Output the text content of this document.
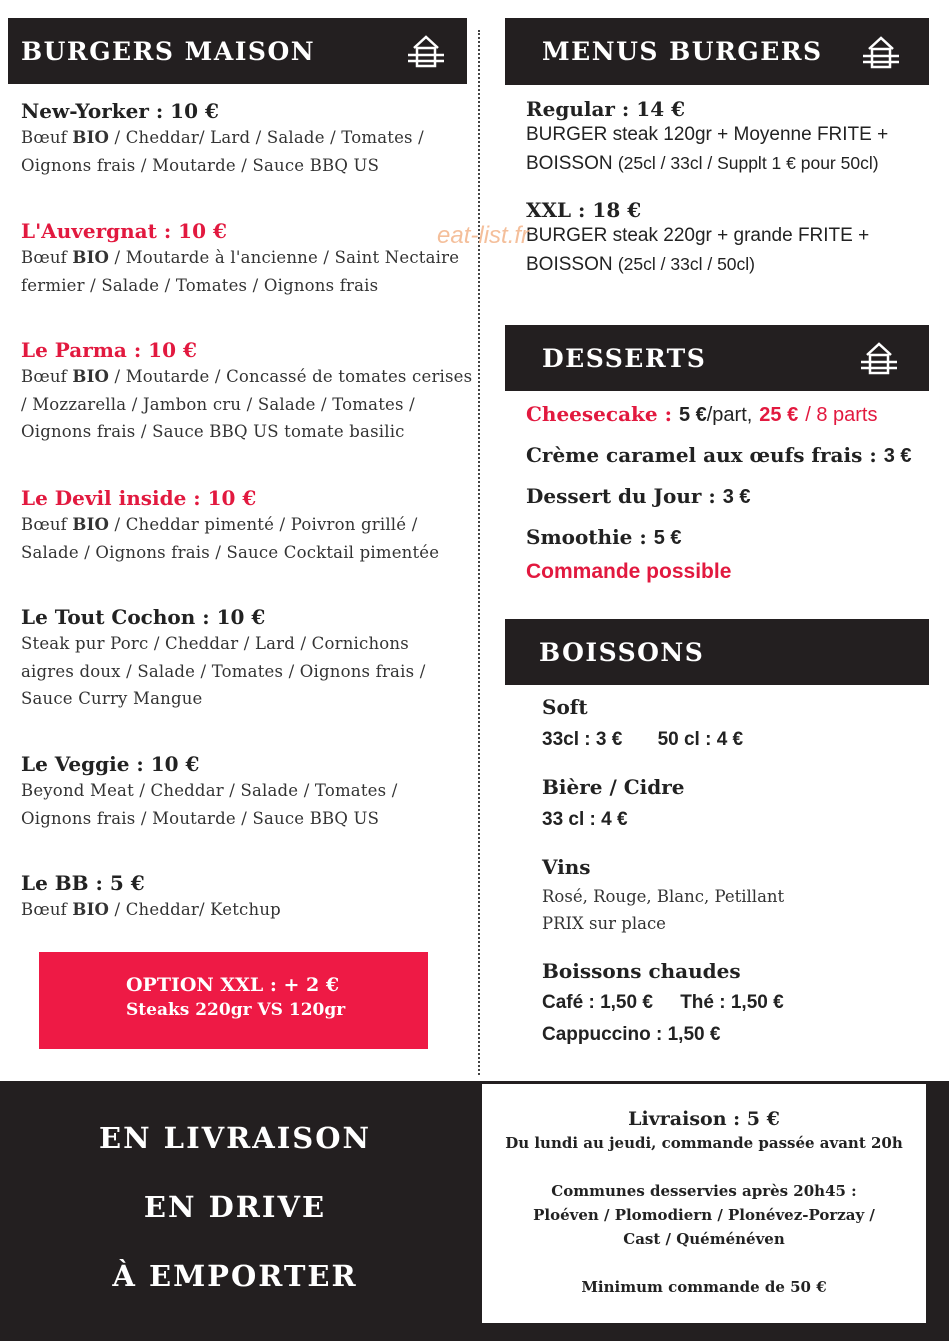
BURGERS MAISON
New-Yorker : 10 €
Bœuf BIO / Cheddar/ Lard / Salade / Tomates / Oignons frais / Moutarde / Sauce BBQ US
L'Auvergnat : 10 €
Bœuf BIO / Moutarde à l'ancienne / Saint Nectaire fermier / Salade / Tomates / Oignons frais
Le Parma : 10 €
Bœuf BIO / Moutarde / Concassé de tomates cerises / Mozzarella / Jambon cru / Salade / Tomates / Oignons frais / Sauce BBQ US tomate basilic
Le Devil inside : 10 €
Bœuf BIO / Cheddar pimenté / Poivron grillé / Salade / Oignons frais / Sauce Cocktail pimentée
Le Tout Cochon : 10 €
Steak pur Porc / Cheddar / Lard / Cornichons aigres doux / Salade / Tomates / Oignons frais / Sauce Curry Mangue
Le Veggie : 10 €
Beyond Meat / Cheddar / Salade / Tomates / Oignons frais / Moutarde / Sauce BBQ US
Le BB : 5 €
Bœuf BIO / Cheddar/ Ketchup
OPTION XXL : + 2 €
Steaks 220gr VS 120gr
MENUS BURGERS
Regular : 14 €
BURGER steak 120gr + Moyenne FRITE +
BOISSON (25cl / 33cl / Supplt 1 € pour 50cl)
XXL : 18 €
BURGER steak 220gr + grande FRITE +
BOISSON (25cl / 33cl / 50cl)
eat-list.fr
DESSERTS
Cheesecake : 5 €/part, 25 € / 8 parts
Crème caramel aux œufs frais : 3 €
Dessert du Jour : 3 €
Smoothie : 5 €
Commande possible
BOISSONS
Soft
33cl : 3 € 50 cl : 4 €
Bière / Cidre
33 cl : 4 €
Vins
Rosé, Rouge, Blanc, Petillant
PRIX sur place
Boissons chaudes
Café : 1,50 € Thé : 1,50 €
Cappuccino : 1,50 €
EN LIVRAISON
EN DRIVE
À EMPORTER
Livraison : 5 €
Du lundi au jeudi, commande passée avant 20h
Communes desservies après 20h45 :
Ploéven / Plomodiern / Plonévez-Porzay /
Cast / Quéménéven
Minimum commande de 50 €
